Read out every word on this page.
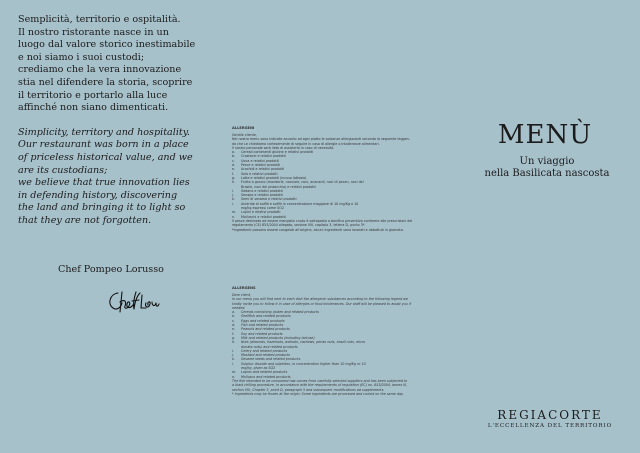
Semplicità, territorio e ospitalità.
Il nostro ristorante nasce in un
luogo dal valore storico inestimabile
e noi siamo i suoi custodi;
crediamo che la vera innovazione
stia nel difendere la storia, scoprire
il territorio e portarlo alla luce
affinché non siano dimenticati.

Simplicity, territory and hospitality.
Our restaurant was born in a place
of priceless historical value, and we
are its custodians;
we believe that true innovation lies
in defending history, discovering
the land and bringing it to light so
that they are not forgotten.

Chef Pompeo Lorusso
ALLERGENI

Gentile cliente,
Nel nostro menu sono indicate accanto ad ogni piatto le sostanze allergizzanti secondo la seguente leggen-
da che Le chiediamo cortesemente di seguire in caso di allergie o intolleranze alimentari.
Il nostro personale sarà lieto di assisterla in caso di necessità.

a.	Cereali contenenti glutine e relativi prodotti
b.	Crostacei e relativi prodotti
c.	Uova e relativi prodotti
d.	Pesce e relativi prodotti
e.	Arachidi e relativi prodotti
f.	Soia e relativi prodotti
g.	Latte e relativi prodotti (incuso lattosio)
h.	Frutta a guscio (mandorle, nocciole, noci, anacardi, noci di pecan, noci del
Brasile, noci dei pistacchio) e relativi prodotti
i.	Sedano e relativi prodotti
j.	Senape e relativi prodotti
k.	Semi di sesamo e relativi prodotti
l.	Anidride di solfiti e solfiti in concentrazione maggiore di 10 mg/Kg o 10
mg/kg espressi come SO2
m.	Lupini e relativi prodotti
n.	Molluschi e relativi prodotti

Il pesce destinato ad essere mangiato crudo è sottoposto a bonifica preventiva conforme alle prescrizioni del
regolamento (CE) 853/2004 allegato, sezione VIII, capitolo 3, lettera D, punto 3*.
*Ingredienti possono essere congelati all'origine, alcuni ingredienti sono lavorati e abbattuti in giornata.

ALLERGENS

Dear client,
In our menu you will find next to each dish the allergenic substances according to the following legend we
kindly invite you to follow it in case of allergies or food intolerances. Our staff will be pleased to assist you if
needed.

a.	Cereals containing gluten and related products
b.	Shellfish and related products
c.	Eggs and related products
d.	Fish and related products
e.	Peanuts and related products
f.	Soy and related products
g.	Milk and related products (including lactose)
h.	Nuts (almonds, hazelnuts, walnuts, cashews, pecan nuts, brazil nuts, micro
donata nuts) and related products
i.	Celery and related products
j.	Mustard and related products
k.	Sesame seeds and related products
l.	Sulphur dioxide and sulphites, in concentration higher than 10 mg/Kg or 10
mg/kg, given as SO2
m.	Lupins and related products
n.	Molluscs and related products

The fish intended to be consumed raw comes from carefully selected suppliers and has been subjected to
a blast chilling procedure, in accordance with the requirements of regulation (EC) no. 853/2004, annex III,
section VIII, Chapter 3, point D, paragraph 3 and subsequent modifications ad supplements.
* Ingredients may be frozen at the origin; Some ingredients are processed and cooled on the same day.

MENÙ

Un viaggio
nella Basilicata nascosta

REGIACORTE
L'ECCELLENZA DEL TERRITORIO
